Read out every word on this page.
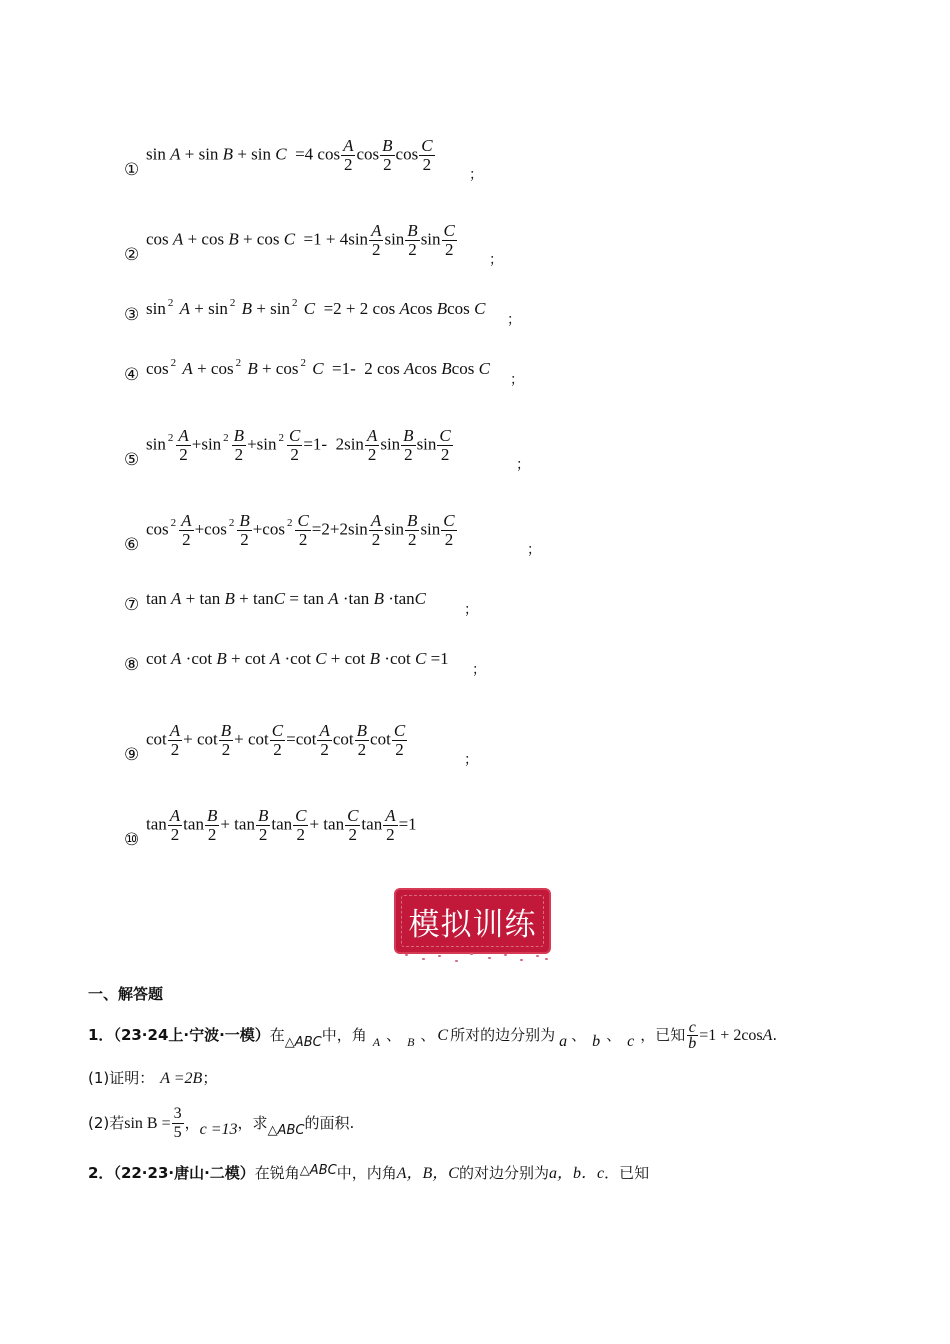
①
sin A + sin B + sin C  =4 $\cos \frac{A}{2}$ $\cos \frac{B}{2}$ $\cos \frac{C}{2}$
；
②
$\cos A + \cos B + \cos C =1 + 4\sin \frac{A}{2}$ $\sin \frac{B}{2}$ $\sin \frac{C}{2}$
；
③ sin $^2$ A + sin $^2$ B + sin $^2$ C  =2 + 2 cos Acos Bcos C
；
④ cos $^2$ A + cos $^2$ B + cos $^2$ C  =1-  2 cos Acos Bcos C
；
⑤
$\sin ^2 \frac{A}{2} +\sin$ $^2 \frac{B}{2} +\sin$ $^2 \frac{C}{2} =1-$  $2\sin \frac{A}{2}$ $\sin \frac{B}{2}$ $\sin \frac{C}{2}$
；
⑥
$\cos ^2 \frac{A}{2} +\cos$ $^2 \frac{B}{2} +\cos$ $^2 \frac{C}{2} =2+2\sin \frac{A}{2}$ $\sin \frac{B}{2}$ $\sin \frac{C}{2}$
；
⑦ tan A + tan B + tanC = tan A ·tan B ·tanC
；
⑧ cot A ·cot B + cot A ·cot C + cot B ·cot C =1
；
⑨
$\cot \frac{A}{2} + \cot \frac{B}{2} + \cot \frac{C}{2} =\cot \frac{A}{2}$ $\cot \frac{B}{2}$ $\cot \frac{C}{2}$
；
⑩
$\tan \frac{A}{2}$ $\tan \frac{B}{2} + \tan \frac{B}{2}$ $\tan \frac{C}{2} + \tan \frac{C}{2}$ $\tan \frac{A}{2} =1$
模拟训练
一、解答题
1．（23·24上·宁波·一模）在△ABC中，角 $_A$ 、 $_B$ 、 C 所对的边分别为 a 、 b 、 c ，已知 $\frac{c}{b} =1 + 2\cos A$.
(1)证明： A =2B；
(2)若$\sin B = \frac{3}{5}$ ，c =13，求△ABC的面积.
2．（22·23·唐山·二模）在锐角△ABC中，内角A，B，C的对边分别为a，b．c．已知
